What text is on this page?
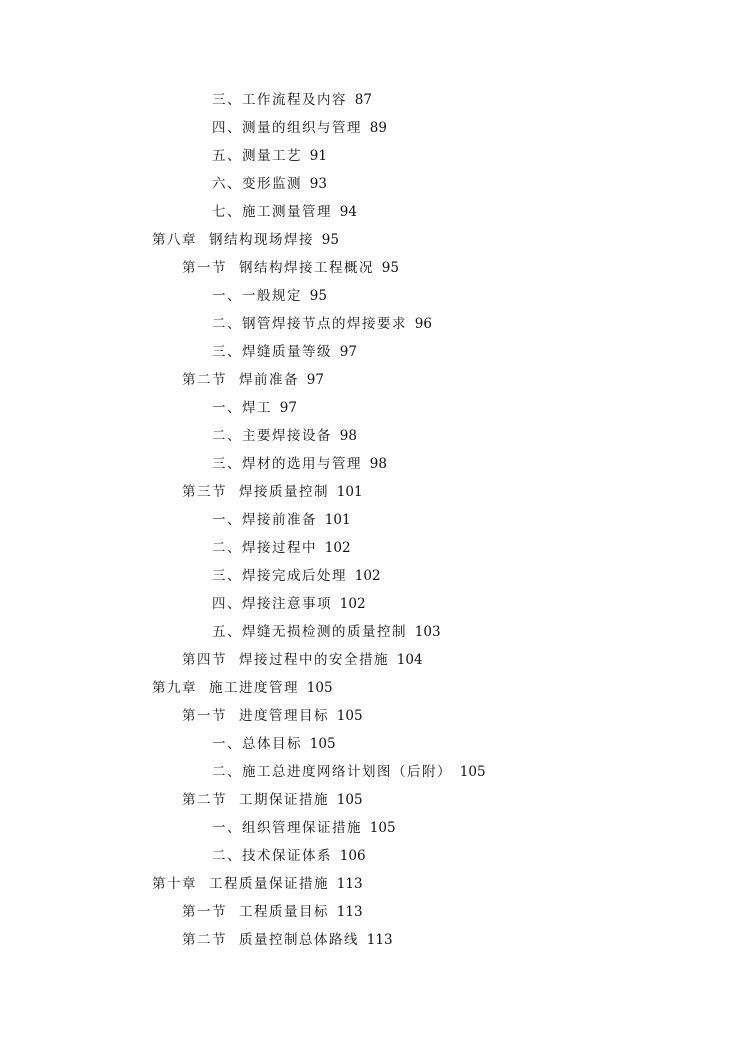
三、工作流程及内容 87
四、测量的组织与管理 89
五、测量工艺 91
六、变形监测 93
七、施工测量管理 94
第八章 钢结构现场焊接 95
第一节 钢结构焊接工程概况 95
一、一般规定 95
二、钢管焊接节点的焊接要求 96
三、焊缝质量等级 97
第二节 焊前准备 97
一、焊工 97
二、主要焊接设备 98
三、焊材的选用与管理 98
第三节 焊接质量控制 101
一、焊接前准备 101
二、焊接过程中 102
三、焊接完成后处理 102
四、焊接注意事项 102
五、焊缝无损检测的质量控制 103
第四节 焊接过程中的安全措施 104
第九章 施工进度管理 105
第一节 进度管理目标 105
一、总体目标 105
二、施工总进度网络计划图（后附） 105
第二节 工期保证措施 105
一、组织管理保证措施 105
二、技术保证体系 106
第十章 工程质量保证措施 113
第一节 工程质量目标 113
第二节 质量控制总体路线 113
